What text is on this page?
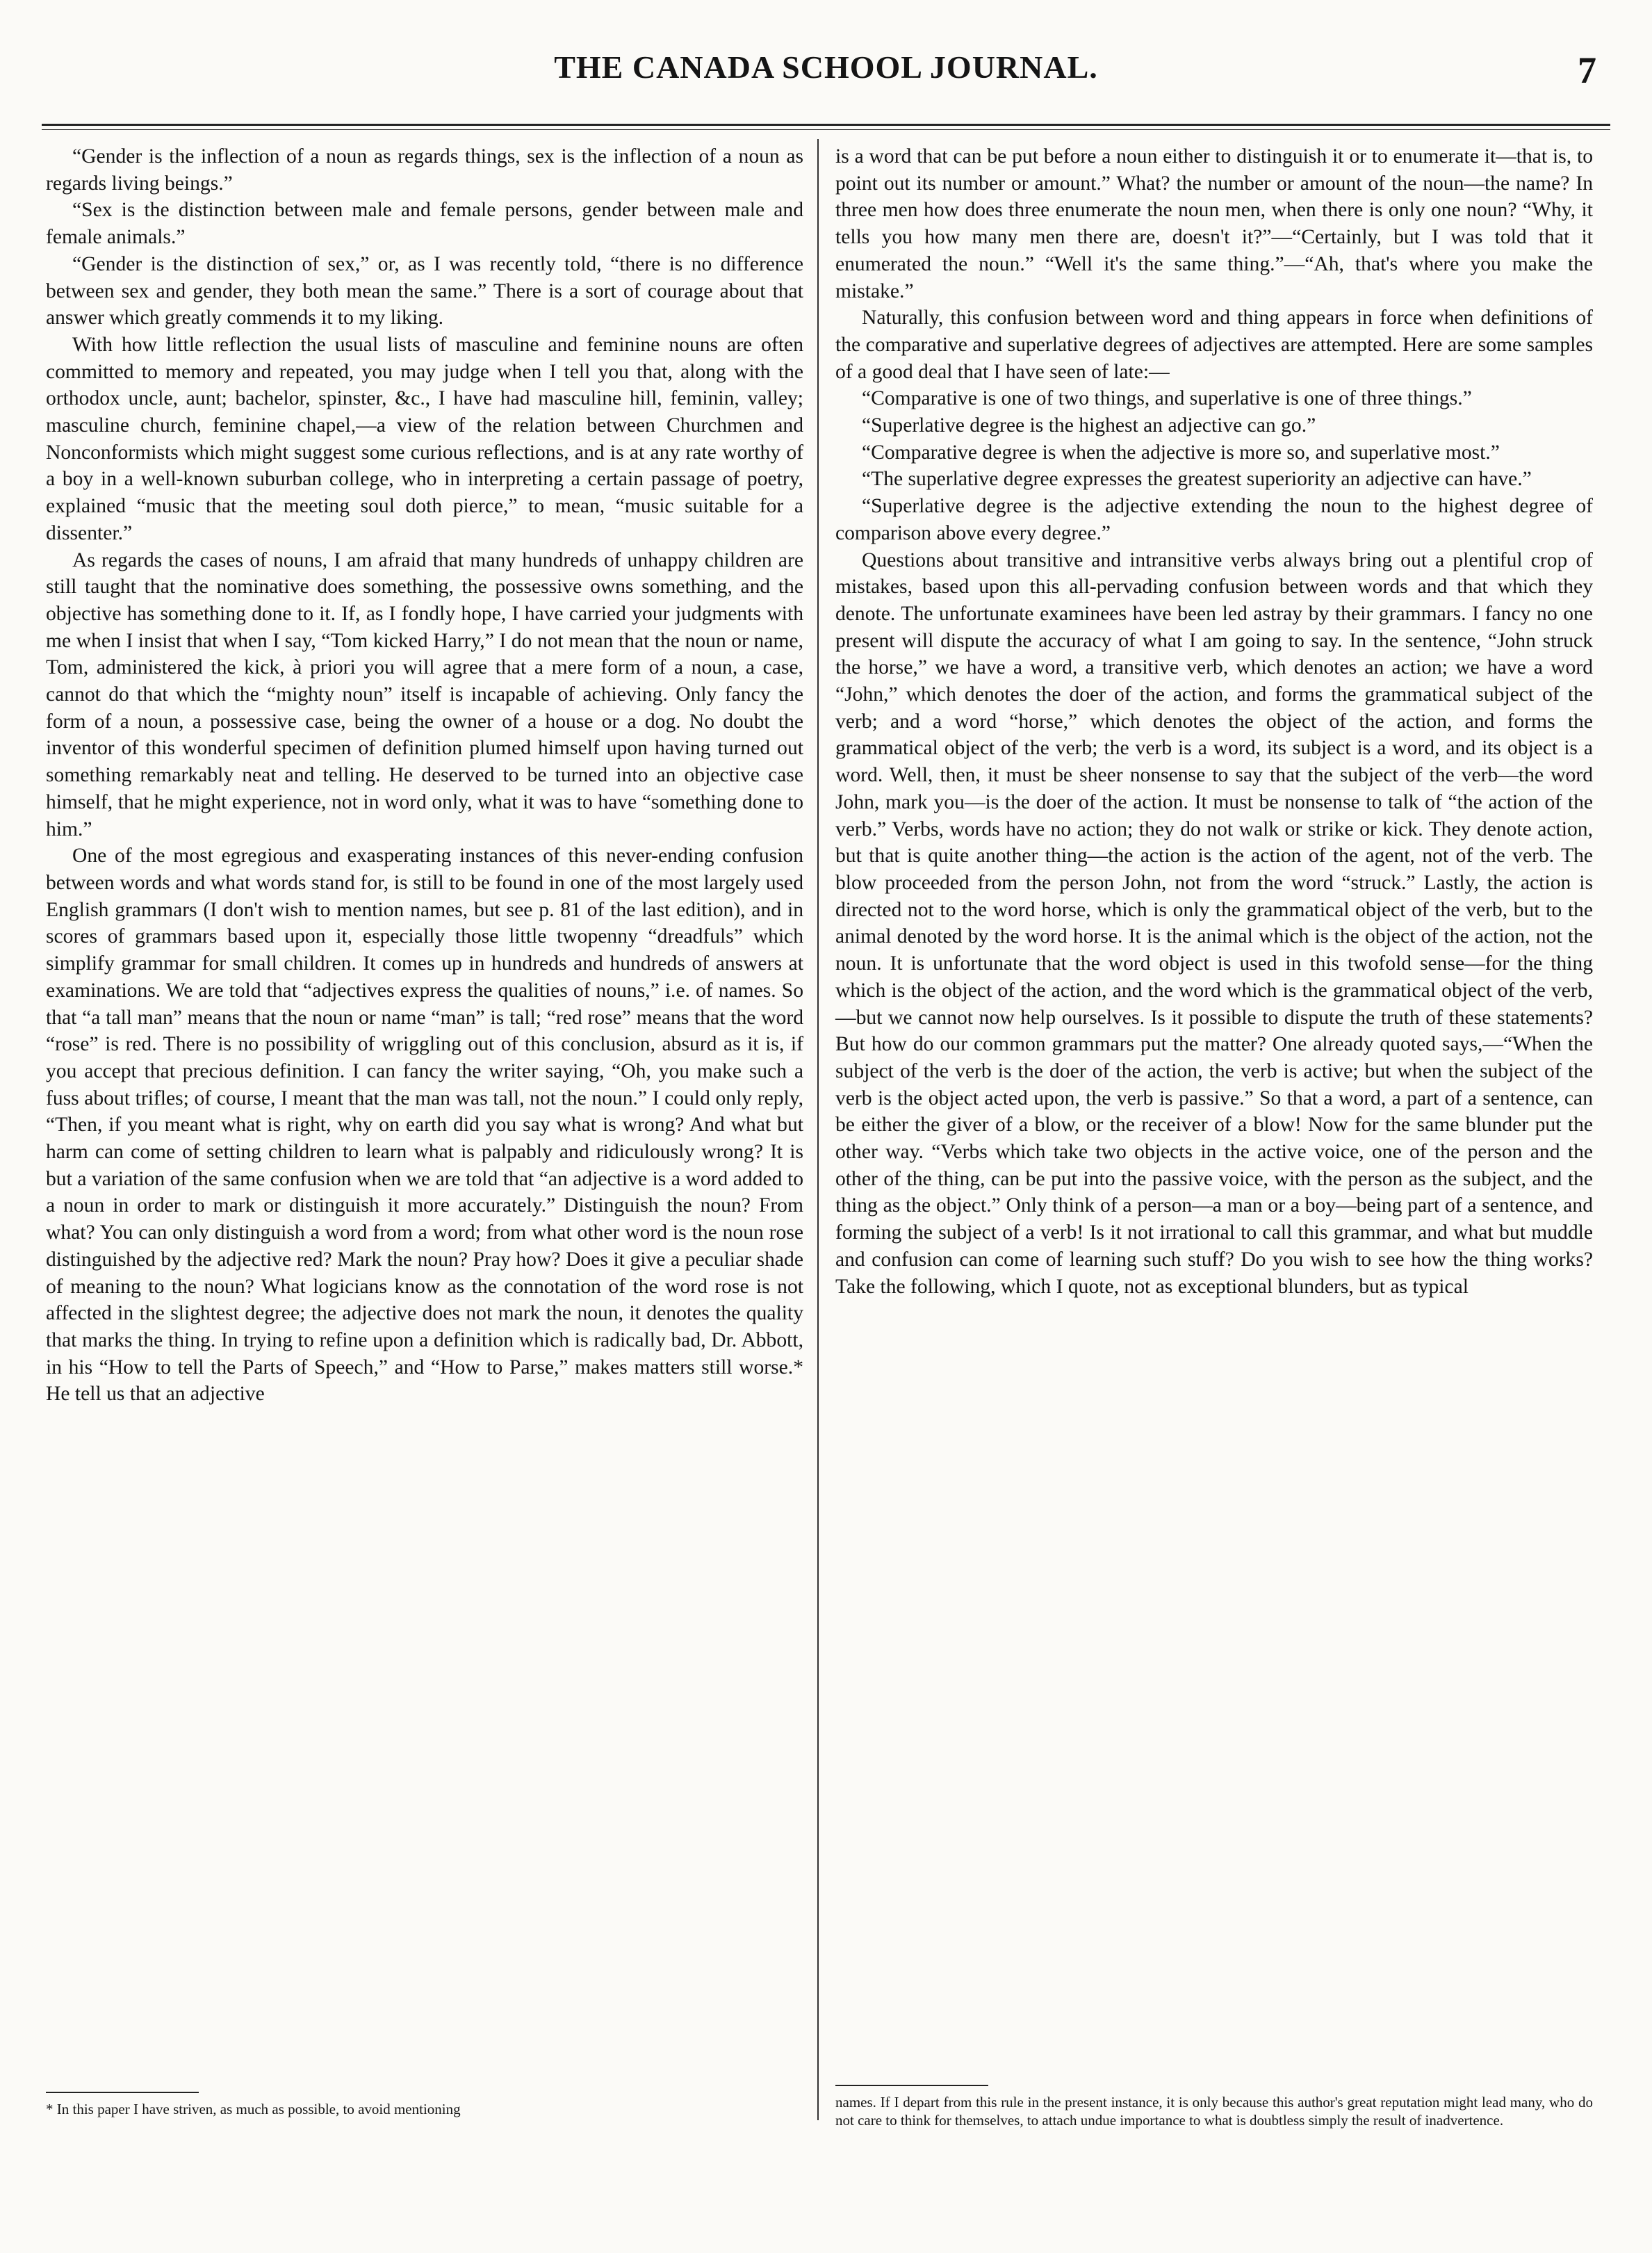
THE CANADA SCHOOL JOURNAL.	7

“Gender is the inflection of a noun as regards things, sex is the inflection of a noun as regards living beings.”

“Sex is the distinction between male and female persons, gender between male and female animals.”

“Gender is the distinction of sex,” or, as I was recently told, “there is no difference between sex and gender, they both mean the same.” There is a sort of courage about that answer which greatly commends it to my liking.

With how little reflection the usual lists of masculine and feminine nouns are often committed to memory and repeated, you may judge when I tell you that, along with the orthodox uncle, aunt; bachelor, spinster, &c., I have had masculine hill, feminin, valley; masculine church, feminine chapel,—a view of the relation between Churchmen and Nonconformists which might suggest some curious reflections, and is at any rate worthy of a boy in a well-known suburban college, who in interpreting a certain passage of poetry, explained “music that the meeting soul doth pierce,” to mean, “music suitable for a dissenter.”

As regards the cases of nouns, I am afraid that many hundreds of unhappy children are still taught that the nominative does something, the possessive owns something, and the objective has something done to it. If, as I fondly hope, I have carried your judgments with me when I insist that when I say, “Tom kicked Harry,” I do not mean that the noun or name, Tom, administered the kick, à priori you will agree that a mere form of a noun, a case, cannot do that which the “mighty noun” itself is incapable of achieving. Only fancy the form of a noun, a possessive case, being the owner of a house or a dog. No doubt the inventor of this wonderful specimen of definition plumed himself upon having turned out something remarkably neat and telling. He deserved to be turned into an objective case himself, that he might experience, not in word only, what it was to have “something done to him.”

One of the most egregious and exasperating instances of this never-ending confusion between words and what words stand for, is still to be found in one of the most largely used English grammars (I don't wish to mention names, but see p. 81 of the last edition), and in scores of grammars based upon it, especially those little twopenny “dreadfuls” which simplify grammar for small children. It comes up in hundreds and hundreds of answers at examinations. We are told that “adjectives express the qualities of nouns,” i.e. of names. So that “a tall man” means that the noun or name “man” is tall; “red rose” means that the word “rose” is red. There is no possibility of wriggling out of this conclusion, absurd as it is, if you accept that precious definition. I can fancy the writer saying, “Oh, you make such a fuss about trifles; of course, I meant that the man was tall, not the noun.” I could only reply, “Then, if you meant what is right, why on earth did you say what is wrong? And what but harm can come of setting children to learn what is palpably and ridiculously wrong? It is but a variation of the same confusion when we are told that “an adjective is a word added to a noun in order to mark or distinguish it more accurately.” Distinguish the noun? From what? You can only distinguish a word from a word; from what other word is the noun rose distinguished by the adjective red? Mark the noun? Pray how? Does it give a peculiar shade of meaning to the noun? What logicians know as the connotation of the word rose is not affected in the slightest degree; the adjective does not mark the noun, it denotes the quality that marks the thing. In trying to refine upon a definition which is radically bad, Dr. Abbott, in his “How to tell the Parts of Speech,” and “How to Parse,” makes matters still worse.* He tell us that an adjective

is a word that can be put before a noun either to distinguish it or to enumerate it—that is, to point out its number or amount.” What? the number or amount of the noun—the name? In three men how does three enumerate the noun men, when there is only one noun? “Why, it tells you how many men there are, doesn't it?”—“Certainly, but I was told that it enumerated the noun.” “Well it's the same thing.”—“Ah, that's where you make the mistake.”

Naturally, this confusion between word and thing appears in force when definitions of the comparative and superlative degrees of adjectives are attempted. Here are some samples of a good deal that I have seen of late:—

“Comparative is one of two things, and superlative is one of three things.”

“Superlative degree is the highest an adjective can go.”

“Comparative degree is when the adjective is more so, and superlative most.”

“The superlative degree expresses the greatest superiority an adjective can have.”

“Superlative degree is the adjective extending the noun to the highest degree of comparison above every degree.”

Questions about transitive and intransitive verbs always bring out a plentiful crop of mistakes, based upon this all-pervading confusion between words and that which they denote. The unfortunate examinees have been led astray by their grammars. I fancy no one present will dispute the accuracy of what I am going to say. In the sentence, “John struck the horse,” we have a word, a transitive verb, which denotes an action; we have a word “John,” which denotes the doer of the action, and forms the grammatical subject of the verb; and a word “horse,” which denotes the object of the action, and forms the grammatical object of the verb; the verb is a word, its subject is a word, and its object is a word. Well, then, it must be sheer nonsense to say that the subject of the verb—the word John, mark you—is the doer of the action. It must be nonsense to talk of “the action of the verb.” Verbs, words have no action; they do not walk or strike or kick. They denote action, but that is quite another thing—the action is the action of the agent, not of the verb. The blow proceeded from the person John, not from the word “struck.” Lastly, the action is directed not to the word horse, which is only the grammatical object of the verb, but to the animal denoted by the word horse. It is the animal which is the object of the action, not the noun. It is unfortunate that the word object is used in this twofold sense—for the thing which is the object of the action, and the word which is the grammatical object of the verb,—but we cannot now help ourselves. Is it possible to dispute the truth of these statements? But how do our common grammars put the matter? One already quoted says,—“When the subject of the verb is the doer of the action, the verb is active; but when the subject of the verb is the object acted upon, the verb is passive.” So that a word, a part of a sentence, can be either the giver of a blow, or the receiver of a blow! Now for the same blunder put the other way. “Verbs which take two objects in the active voice, one of the person and the other of the thing, can be put into the passive voice, with the person as the subject, and the thing as the object.” Only think of a person—a man or a boy—being part of a sentence, and forming the subject of a verb! Is it not irrational to call this grammar, and what but muddle and confusion can come of learning such stuff? Do you wish to see how the thing works? Take the following, which I quote, not as exceptional blunders, but as typical

* In this paper I have striven, as much as possible, to avoid mentioning	names. If I depart from this rule in the present instance, it is only because this author's great reputation might lead many, who do not care to think for themselves, to attach undue importance to what is doubtless simply the result of inadvertence.
